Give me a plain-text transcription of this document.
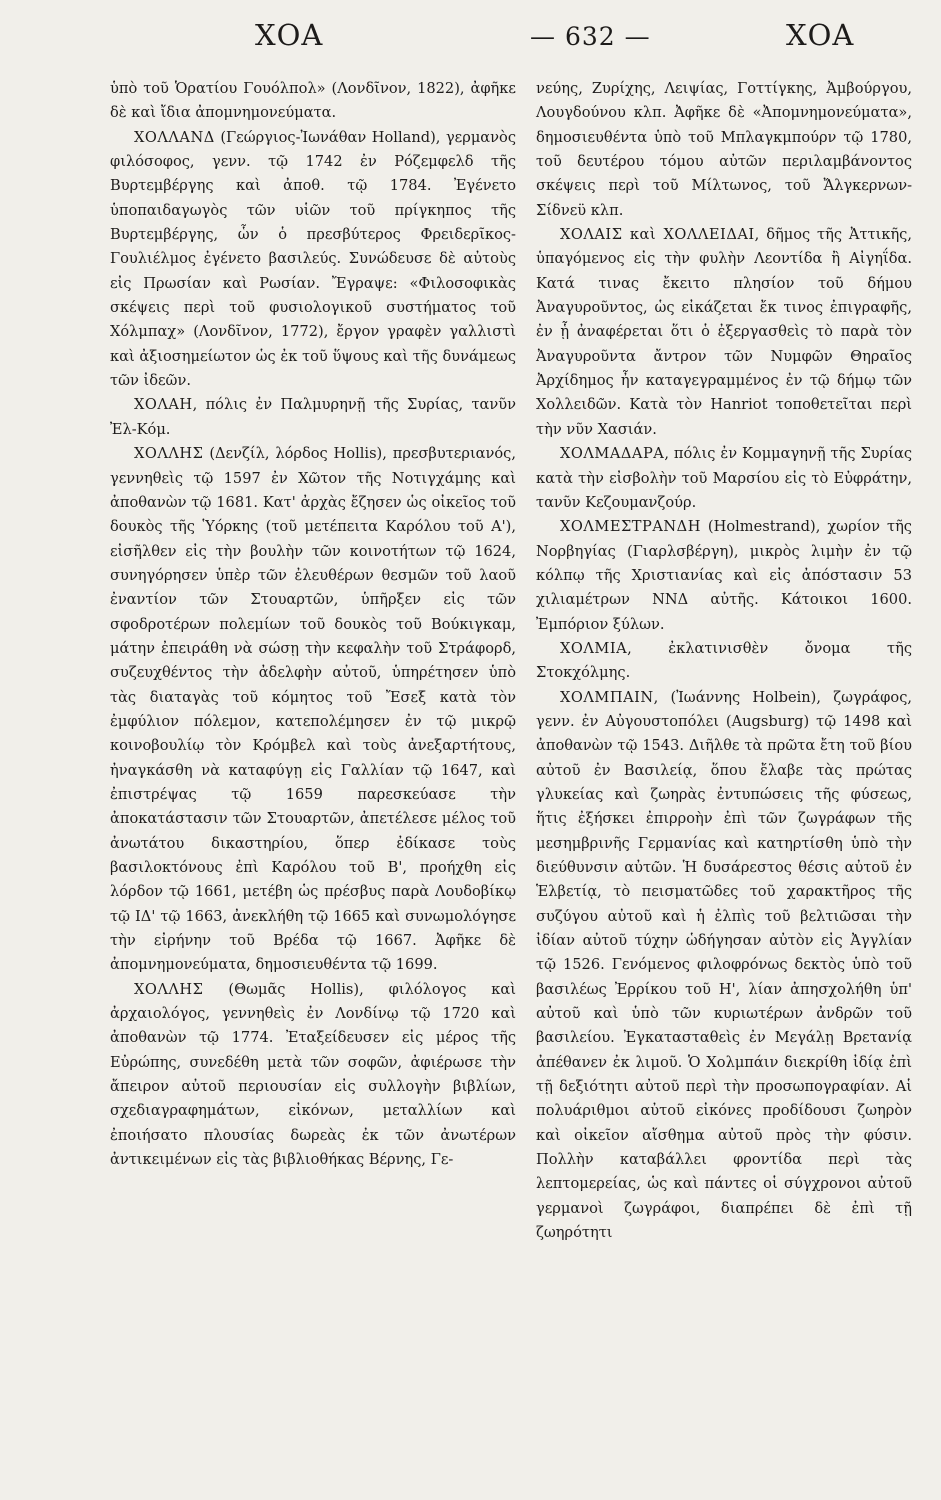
ΧΟΑ	— 632 —	ΧΟΑ

ὑπὸ τοῦ Ὁρατίου Γουόλπολ» (Λονδῖνον, 1822), ἀφῆκε δὲ καὶ ἴδια ἀπομνημονεύματα.

ΧΟΛΛΑΝΔ (Γεώργιος-Ἰωνάθαν Holland), γερμανὸς φιλόσοφος, γενν. τῷ 1742 ἐν Ρόζεμφελδ τῆς Βυρτεμβέργης καὶ ἀποθ. τῷ 1784. Ἐγένετο ὑποπαιδαγωγὸς τῶν υἱῶν τοῦ πρίγκηπος τῆς Βυρτεμβέργης, ὧν ὁ πρεσβύτερος Φρειδερῖκος-Γουλιέλμος ἐγένετο βασιλεύς. Συνώδευσε δὲ αὐτοὺς εἰς Πρωσίαν καὶ Ρωσίαν. Ἔγραψε: «Φιλοσοφικὰς σκέψεις περὶ τοῦ φυσιολογικοῦ συστήματος τοῦ Χόλμπαχ» (Λονδῖνον, 1772), ἔργον γραφὲν γαλλιστὶ καὶ ἀξιοσημείωτον ὡς ἐκ τοῦ ὕψους καὶ τῆς δυνάμεως τῶν ἰδεῶν.

ΧΟΛΑΗ, πόλις ἐν Παλμυρηνῇ τῆς Συρίας, τανῦν Ἐλ-Κόμ.

ΧΟΛΛΗΣ (Δενζίλ, λόρδος Hollis), πρεσβυτεριανός, γεννηθεὶς τῷ 1597 ἐν Χῶτον τῆς Νοτιγχάμης καὶ ἀποθανὼν τῷ 1681. Κατ' ἀρχὰς ἔζησεν ὡς οἰκεῖος τοῦ δουκὸς τῆς Ὑόρκης (τοῦ μετέπειτα Καρόλου τοῦ Α'), εἰσῆλθεν εἰς τὴν βουλὴν τῶν κοινοτήτων τῷ 1624, συνηγόρησεν ὑπὲρ τῶν ἐλευθέρων θεσμῶν τοῦ λαοῦ ἐναντίον τῶν Στουαρτῶν, ὑπῆρξεν εἰς τῶν σφοδροτέρων πολεμίων τοῦ δουκὸς τοῦ Βούκιγκαμ, μάτην ἐπειράθη νὰ σώσῃ τὴν κεφαλὴν τοῦ Στράφορδ, συζευχθέντος τὴν ἀδελφὴν αὐτοῦ, ὑπηρέτησεν ὑπὸ τὰς διαταγὰς τοῦ κόμητος τοῦ Ἔσεξ κατὰ τὸν ἐμφύλιον πόλεμον, κατεπολέμησεν ἐν τῷ μικρῷ κοινοβουλίῳ τὸν Κρόμβελ καὶ τοὺς ἀνεξαρτήτους, ἠναγκάσθη νὰ καταφύγῃ εἰς Γαλλίαν τῷ 1647, καὶ ἐπιστρέψας τῷ 1659 παρεσκεύασε τὴν ἀποκατάστασιν τῶν Στουαρτῶν, ἀπετέλεσε μέλος τοῦ ἀνωτάτου δικαστηρίου, ὅπερ ἐδίκασε τοὺς βασιλοκτόνους ἐπὶ Καρόλου τοῦ Β', προήχθη εἰς λόρδον τῷ 1661, μετέβη ὡς πρέσβυς παρὰ Λουδοβίκῳ τῷ ΙΔ' τῷ 1663, ἀνεκλήθη τῷ 1665 καὶ συνωμολόγησε τὴν εἰρήνην τοῦ Βρέδα τῷ 1667. Ἀφῆκε δὲ ἀπομνημονεύματα, δημοσιευθέντα τῷ 1699.

ΧΟΛΛΗΣ (Θωμᾶς Hollis), φιλόλογος καὶ ἀρχαιολόγος, γεννηθεὶς ἐν Λονδίνῳ τῷ 1720 καὶ ἀποθανὼν τῷ 1774. Ἐταξείδευσεν εἰς μέρος τῆς Εὐρώπης, συνεδέθη μετὰ τῶν σοφῶν, ἀφιέρωσε τὴν ἄπειρον αὐτοῦ περιουσίαν εἰς συλλογὴν βιβλίων, σχεδιαγραφημάτων, εἰκόνων, μεταλλίων καὶ ἐποιήσατο πλουσίας δωρεὰς ἐκ τῶν ἀνωτέρων ἀντικειμένων εἰς τὰς βιβλιοθήκας Βέρνης, Γε-

νεύης, Ζυρίχης, Λειψίας, Γοττίγκης, Ἀμβούργου, Λουγδούνου κλπ. Ἀφῆκε δὲ «Ἀπομνημονεύματα», δημοσιευθέντα ὑπὸ τοῦ Μπλαγκμπούρν τῷ 1780, τοῦ δευτέρου τόμου αὐτῶν περιλαμβάνοντος σκέψεις περὶ τοῦ Μίλτωνος, τοῦ Ἄλγκερνων-Σίδνεϋ κλπ.

ΧΟΛΑΙΣ καὶ ΧΟΛΛΕΙΔΑΙ, δῆμος τῆς Ἀττικῆς, ὑπαγόμενος εἰς τὴν φυλὴν Λεοντίδα ἢ Αἰγηΐδα. Κατά τινας ἔκειτο πλησίον τοῦ δήμου Ἀναγυροῦντος, ὡς εἰκάζεται ἔκ τινος ἐπιγραφῆς, ἐν ᾗ ἀναφέρεται ὅτι ὁ ἐξεργασθεὶς τὸ παρὰ τὸν Ἀναγυροῦντα ἄντρον τῶν Νυμφῶν Θηραῖος Ἀρχίδημος ἦν καταγεγραμμένος ἐν τῷ δήμῳ τῶν Χολλειδῶν. Κατὰ τὸν Hanriot τοποθετεῖται περὶ τὴν νῦν Χασιάν.

ΧΟΛΜΑΔΑΡΑ, πόλις ἐν Κομμαγηνῇ τῆς Συρίας κατὰ τὴν εἰσβολὴν τοῦ Μαρσίου εἰς τὸ Εὐφράτην, τανῦν Κεζουμανζούρ.

ΧΟΛΜΕΣΤΡΑΝΔΗ (Holmestrand), χωρίον τῆς Νορβηγίας (Γιαρλσβέργη), μικρὸς λιμὴν ἐν τῷ κόλπῳ τῆς Χριστιανίας καὶ εἰς ἀπόστασιν 53 χιλιαμέτρων ΝΝΔ αὐτῆς. Κάτοικοι 1600. Ἐμπόριον ξύλων.

ΧΟΛΜΙΑ, ἐκλατινισθὲν ὄνομα τῆς Στοκχόλμης.

ΧΟΛΜΠΑΙΝ, (Ἰωάννης Holbein), ζωγράφος, γενν. ἐν Αὐγουστοπόλει (Augsburg) τῷ 1498 καὶ ἀποθανὼν τῷ 1543. Διῆλθε τὰ πρῶτα ἔτη τοῦ βίου αὐτοῦ ἐν Βασιλείᾳ, ὅπου ἔλαβε τὰς πρώτας γλυκείας καὶ ζωηρὰς ἐντυπώσεις τῆς φύσεως, ἥτις ἐξήσκει ἐπιρροὴν ἐπὶ τῶν ζωγράφων τῆς μεσημβρινῆς Γερμανίας καὶ κατηρτίσθη ὑπὸ τὴν διεύθυνσιν αὐτῶν. Ἡ δυσάρεστος θέσις αὐτοῦ ἐν Ἑλβετίᾳ, τὸ πεισματῶδες τοῦ χαρακτῆρος τῆς συζύγου αὐτοῦ καὶ ἡ ἐλπὶς τοῦ βελτιῶσαι τὴν ἰδίαν αὐτοῦ τύχην ὡδήγησαν αὐτὸν εἰς Ἀγγλίαν τῷ 1526. Γενόμενος φιλοφρόνως δεκτὸς ὑπὸ τοῦ βασιλέως Ἐρρίκου τοῦ Η', λίαν ἀπησχολήθη ὑπ' αὐτοῦ καὶ ὑπὸ τῶν κυριωτέρων ἀνδρῶν τοῦ βασιλείου. Ἐγκατασταθεὶς ἐν Μεγάλῃ Βρετανίᾳ ἀπέθανεν ἐκ λιμοῦ. Ὁ Χολμπάιν διεκρίθη ἰδίᾳ ἐπὶ τῇ δεξιότητι αὐτοῦ περὶ τὴν προσωπογραφίαν. Αἱ πολυάριθμοι αὐτοῦ εἰκόνες προδίδουσι ζωηρὸν καὶ οἰκεῖον αἴσθημα αὐτοῦ πρὸς τὴν φύσιν. Πολλὴν καταβάλλει φροντίδα περὶ τὰς λεπτομερείας, ὡς καὶ πάντες οἱ σύγχρονοι αὐτοῦ γερμανοὶ ζωγράφοι, διαπρέπει δὲ ἐπὶ τῇ ζωηρότητι
